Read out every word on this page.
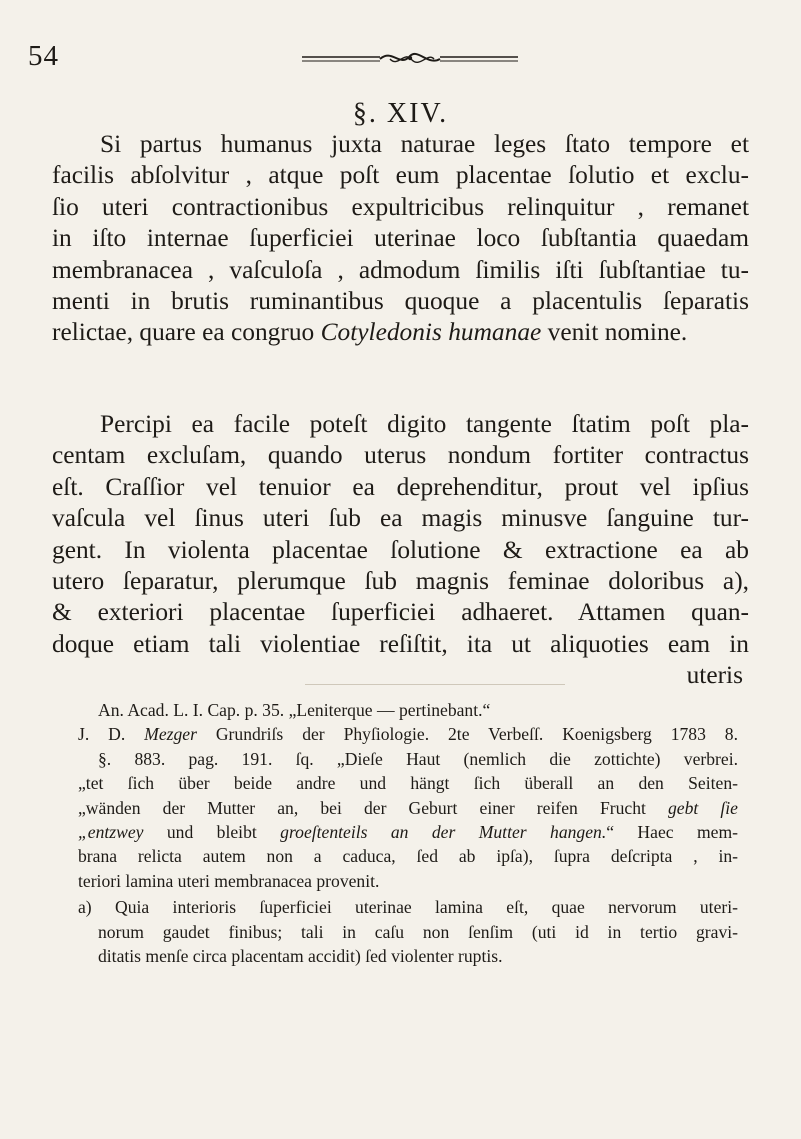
54
§. XIV.
Si partus humanus juxta naturae leges ſtato tempore et
facilis abſolvitur , atque poſt eum placentae ſolutio et exclu-
ſio uteri contractionibus expultricibus relinquitur , remanet
in iſto internae ſuperficiei uterinae loco ſubſtantia quaedam
membranacea , vaſculoſa , admodum ſimilis iſti ſubſtantiae tu-
menti in brutis ruminantibus quoque a placentulis ſeparatis
relictae, quare ea congruo Cotyledonis humanae venit nomine.
Percipi ea facile poteſt digito tangente ſtatim poſt pla-
centam excluſam, quando uterus nondum fortiter contractus
eſt. Craſſior vel tenuior ea deprehenditur, prout vel ipſius
vaſcula vel ſinus uteri ſub ea magis minusve ſanguine tur-
gent. In violenta placentae ſolutione & extractione ea ab
utero ſeparatur, plerumque ſub magnis feminae doloribus a),
& exteriori placentae ſuperficiei adhaeret. Attamen quan-
doque etiam tali violentiae reſiſtit, ita ut aliquoties eam in
uteris
An. Acad. L. I. Cap. p. 35. „Leniterque — pertinebant.“
J. D. Mezger Grundriſs der Phyſiologie. 2te Verbeſſ. Koenigsberg 1783 8.
§. 883. pag. 191. ſq. „Dieſe Haut (nemlich die zottichte) verbrei.
„tet ſich über beide andre und hängt ſich überall an den Seiten-
„wänden der Mutter an, bei der Geburt einer reifen Frucht gebt ſie
„entzwey und bleibt groeſtenteils an der Mutter hangen.“ Haec mem-
brana relicta autem non a caduca, ſed ab ipſa), ſupra deſcripta , in-
teriori lamina uteri membranacea provenit.
a) Quia interioris ſuperficiei uterinae lamina eſt, quae nervorum uteri-
norum gaudet finibus; tali in caſu non ſenſim (uti id in tertio gravi-
ditatis menſe circa placentam accidit) ſed violenter ruptis.
